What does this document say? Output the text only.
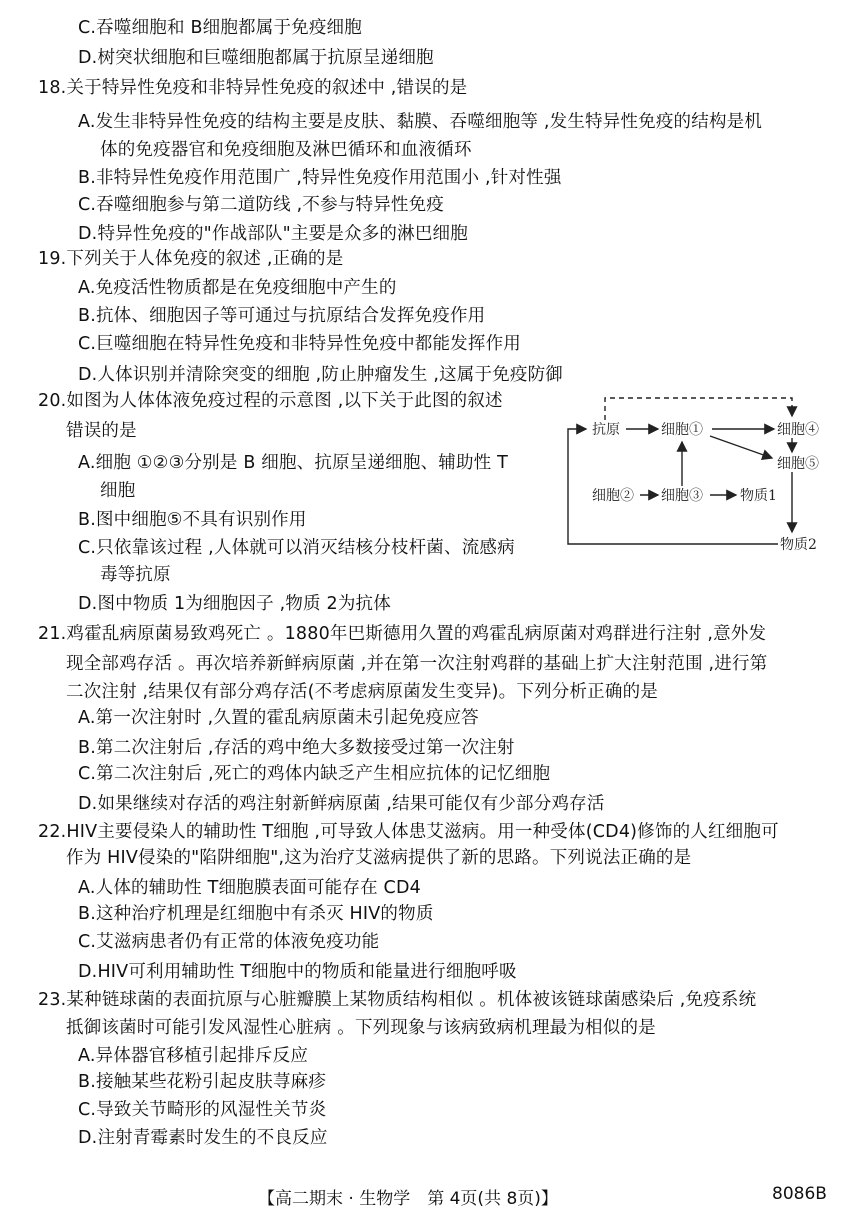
C.吞噬细胞和 B细胞都属于免疫细胞
D.树突状细胞和巨噬细胞都属于抗原呈递细胞
18.关于特异性免疫和非特异性免疫的叙述中 ,错误的是
A.发生非特异性免疫的结构主要是皮肤、黏膜、吞噬细胞等 ,发生特异性免疫的结构是机
体的免疫器官和免疫细胞及淋巴循环和血液循环
B.非特异性免疫作用范围广 ,特异性免疫作用范围小 ,针对性强
C.吞噬细胞参与第二道防线 ,不参与特异性免疫
D.特异性免疫的"作战部队"主要是众多的淋巴细胞
19.下列关于人体免疫的叙述 ,正确的是
A.免疫活性物质都是在免疫细胞中产生的
B.抗体、细胞因子等可通过与抗原结合发挥免疫作用
C.巨噬细胞在特异性免疫和非特异性免疫中都能发挥作用
D.人体识别并清除突变的细胞 ,防止肿瘤发生 ,这属于免疫防御
20.如图为人体体液免疫过程的示意图 ,以下关于此图的叙述
错误的是
A.细胞 ①②③分别是 B 细胞、抗原呈递细胞、辅助性 T
细胞
B.图中细胞⑤不具有识别作用
C.只依靠该过程 ,人体就可以消灭结核分枝杆菌、流感病
毒等抗原
D.图中物质 1为细胞因子 ,物质 2为抗体
21.鸡霍乱病原菌易致鸡死亡 。1880年巴斯德用久置的鸡霍乱病原菌对鸡群进行注射 ,意外发
现全部鸡存活 。再次培养新鲜病原菌 ,并在第一次注射鸡群的基础上扩大注射范围 ,进行第
二次注射 ,结果仅有部分鸡存活(不考虑病原菌发生变异)。下列分析正确的是
A.第一次注射时 ,久置的霍乱病原菌未引起免疫应答
B.第二次注射后 ,存活的鸡中绝大多数接受过第一次注射
C.第二次注射后 ,死亡的鸡体内缺乏产生相应抗体的记忆细胞
D.如果继续对存活的鸡注射新鲜病原菌 ,结果可能仅有少部分鸡存活
22.HIV主要侵染人的辅助性 T细胞 ,可导致人体患艾滋病。用一种受体(CD4)修饰的人红细胞可
作为 HIV侵染的"陷阱细胞",这为治疗艾滋病提供了新的思路。下列说法正确的是
A.人体的辅助性 T细胞膜表面可能存在 CD4
B.这种治疗机理是红细胞中有杀灭 HIV的物质
C.艾滋病患者仍有正常的体液免疫功能
D.HIV可利用辅助性 T细胞中的物质和能量进行细胞呼吸
23.某种链球菌的表面抗原与心脏瓣膜上某物质结构相似 。机体被该链球菌感染后 ,免疫系统
抵御该菌时可能引发风湿性心脏病 。下列现象与该病致病机理最为相似的是
A.异体器官移植引起排斥反应
B.接触某些花粉引起皮肤荨麻疹
C.导致关节畸形的风湿性关节炎
D.注射青霉素时发生的不良反应
抗原	细胞①	细胞④
细胞⑤
细胞② 细胞③	物质1
物质2
【高二期末 · 生物学　第 4页(共 8页)】	8086B
